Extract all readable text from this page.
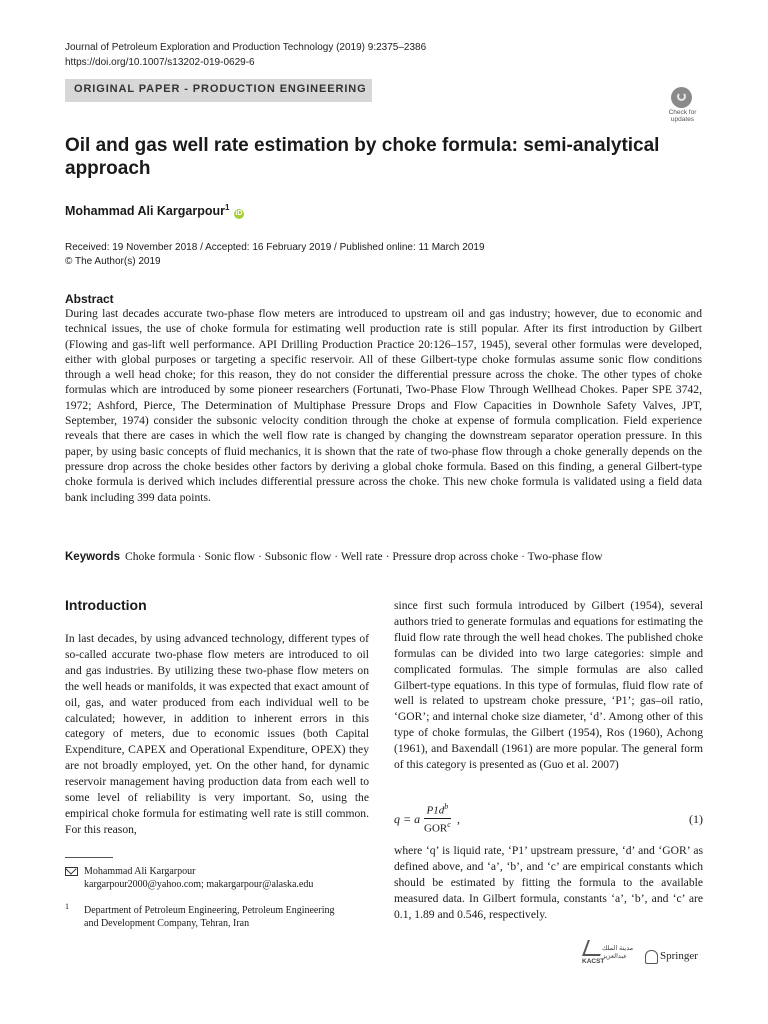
Journal of Petroleum Exploration and Production Technology (2019) 9:2375–2386
https://doi.org/10.1007/s13202-019-0629-6
ORIGINAL PAPER - PRODUCTION ENGINEERING
Check for
updates
Oil and gas well rate estimation by choke formula: semi-analytical approach
Mohammad Ali Kargarpour$^1$ iD
Received: 19 November 2018 / Accepted: 16 February 2019 / Published online: 11 March 2019
© The Author(s) 2019
Abstract
During last decades accurate two-phase flow meters are introduced to upstream oil and gas industry; however, due to economic and technical issues, the use of choke formula for estimating well production rate is still popular. After its first introduction by Gilbert (Flowing and gas-lift well performance. API Drilling Production Practice 20:126–157, 1945), several other formulas were developed, either with global purposes or targeting a specific reservoir. All of these Gilbert-type choke formulas assume sonic flow conditions through a well head choke; for this reason, they do not consider the differential pressure across the choke. The other types of choke formulas which are introduced by some pioneer researchers (Fortunati, Two-Phase Flow Through Wellhead Chokes. Paper SPE 3742, 1972; Ashford, Pierce, The Determination of Multiphase Pressure Drops and Flow Capacities in Downhole Safety Valves, JPT, September, 1974) consider the subsonic velocity condition through the choke at expense of formula complication. Field experience reveals that there are cases in which the well flow rate is changed by changing the downstream separator operation pressure. In this paper, by using basic concepts of fluid mechanics, it is shown that the rate of two-phase flow through a choke generally depends on the pressure drop across the choke besides other factors by deriving a global choke formula. Based on this finding, a general Gilbert-type choke formula is derived which includes differential pressure across the choke. This new choke formula is validated using a field data bank including 399 data points.
Keywords Choke formula · Sonic flow · Subsonic flow · Well rate · Pressure drop across choke · Two-phase flow
Introduction
In last decades, by using advanced technology, different types of so-called accurate two-phase flow meters are introduced to oil and gas industries. By utilizing these two-phase flow meters on the well heads or manifolds, it was expected that exact amount of oil, gas, and water produced from each individual well to be calculated; however, in addition to inherent errors in this category of meters, due to economic issues (both Capital Expenditure, CAPEX and Operational Expenditure, OPEX) they are not broadly employed, yet. On the other hand, for dynamic reservoir management having production data from each well to some level of reliability is very important. So, using the empirical choke formula for estimating well rate is still common. For this reason,
since first such formula introduced by Gilbert (1954), several authors tried to generate formulas and equations for estimating the fluid flow rate through the well head chokes. The published choke formulas can be divided into two large categories: simple and complicated formulas. The simple formulas are also called Gilbert-type equations. In this type of formulas, fluid flow rate of well is related to upstream choke pressure, ‘P1’; gas–oil ratio, ‘GOR’; and internal choke size diameter, ‘d’. Among other of this type of choke formulas, the Gilbert (1954), Ros (1960), Achong (1961), and Baxendall (1961) are more popular. The general form of this category is presented as (Guo et al. 2007)
q = a
$P1d^b$
GOR$^c$ ,	(1)
where ‘q’ is liquid rate, ‘P1’ upstream pressure, ‘d’ and ‘GOR’ as defined above, and ‘a’, ‘b’, and ‘c’ are empirical constants which should be estimated by fitting the formula to the available measured data. In Gilbert formula, constants ‘a’, ‘b’, and ‘c’ are 0.1, 1.89 and 0.546, respectively.
Mohammad Ali Kargarpour
kargarpour2000@yahoo.com; makargarpour@alaska.edu
1 Department of Petroleum Engineering, Petroleum Engineering and Development Company, Tehran, Iran
مدينة الملك عبدالعزيز
KACST	Springer
